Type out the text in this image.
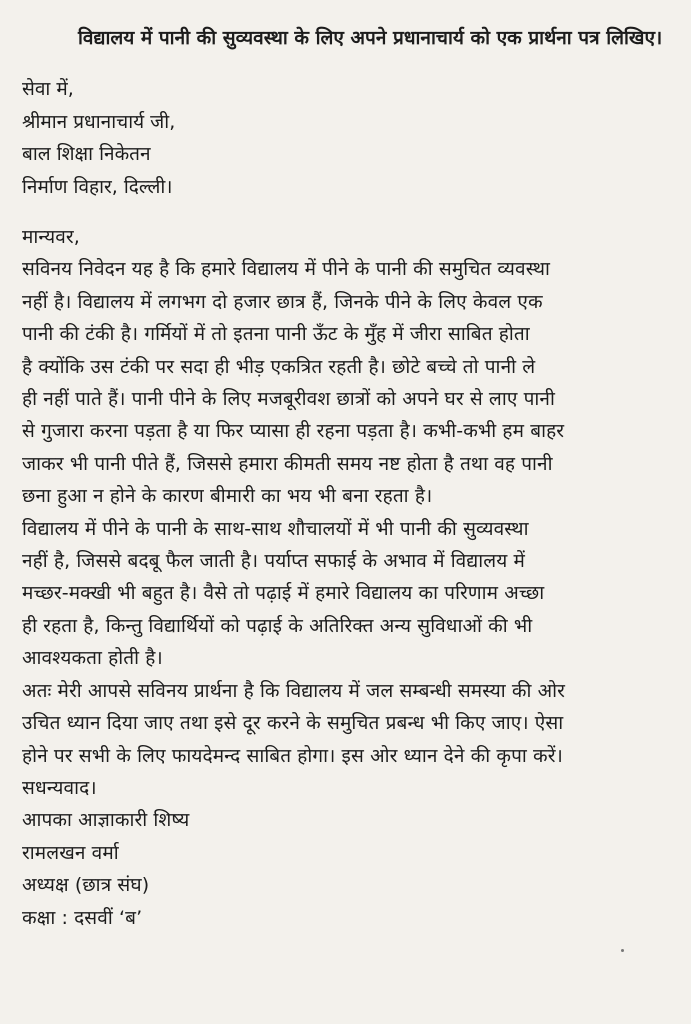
विद्यालय में पानी की सुव्यवस्था के लिए अपने प्रधानाचार्य को एक प्रार्थना पत्र लिखिए।

सेवा में,

श्रीमान प्रधानाचार्य जी,

बाल शिक्षा निकेतन

निर्माण विहार, दिल्ली।

मान्यवर,

सविनय निवेदन यह है कि हमारे विद्यालय में पीने के पानी की समुचित व्यवस्था

नहीं है। विद्यालय में लगभग दो हजार छात्र हैं, जिनके पीने के लिए केवल एक

पानी की टंकी है। गर्मियों में तो इतना पानी ऊँट के मुँह में जीरा साबित होता

है क्योंकि उस टंकी पर सदा ही भीड़ एकत्रित रहती है। छोटे बच्चे तो पानी ले

ही नहीं पाते हैं। पानी पीने के लिए मजबूरीवश छात्रों को अपने घर से लाए पानी

से गुजारा करना पड़ता है या फिर प्यासा ही रहना पड़ता है। कभी-कभी हम बाहर

जाकर भी पानी पीते हैं, जिससे हमारा कीमती समय नष्ट होता है तथा वह पानी

छना हुआ न होने के कारण बीमारी का भय भी बना रहता है।

विद्यालय में पीने के पानी के साथ-साथ शौचालयों में भी पानी की सुव्यवस्था

नहीं है, जिससे बदबू फैल जाती है। पर्याप्त सफाई के अभाव में विद्यालय में

मच्छर-मक्खी भी बहुत है। वैसे तो पढ़ाई में हमारे विद्यालय का परिणाम अच्छा

ही रहता है, किन्तु विद्यार्थियों को पढ़ाई के अतिरिक्त अन्य सुविधाओं की भी

आवश्यकता होती है।

अतः मेरी आपसे सविनय प्रार्थना है कि विद्यालय में जल सम्बन्धी समस्या की ओर

उचित ध्यान दिया जाए तथा इसे दूर करने के समुचित प्रबन्ध भी किए जाए। ऐसा

होने पर सभी के लिए फायदेमन्द साबित होगा। इस ओर ध्यान देने की कृपा करें।

सधन्यवाद।

आपका आज्ञाकारी शिष्य

रामलखन वर्मा

अध्यक्ष (छात्र संघ)

कक्षा : दसवीं ‘ब’
